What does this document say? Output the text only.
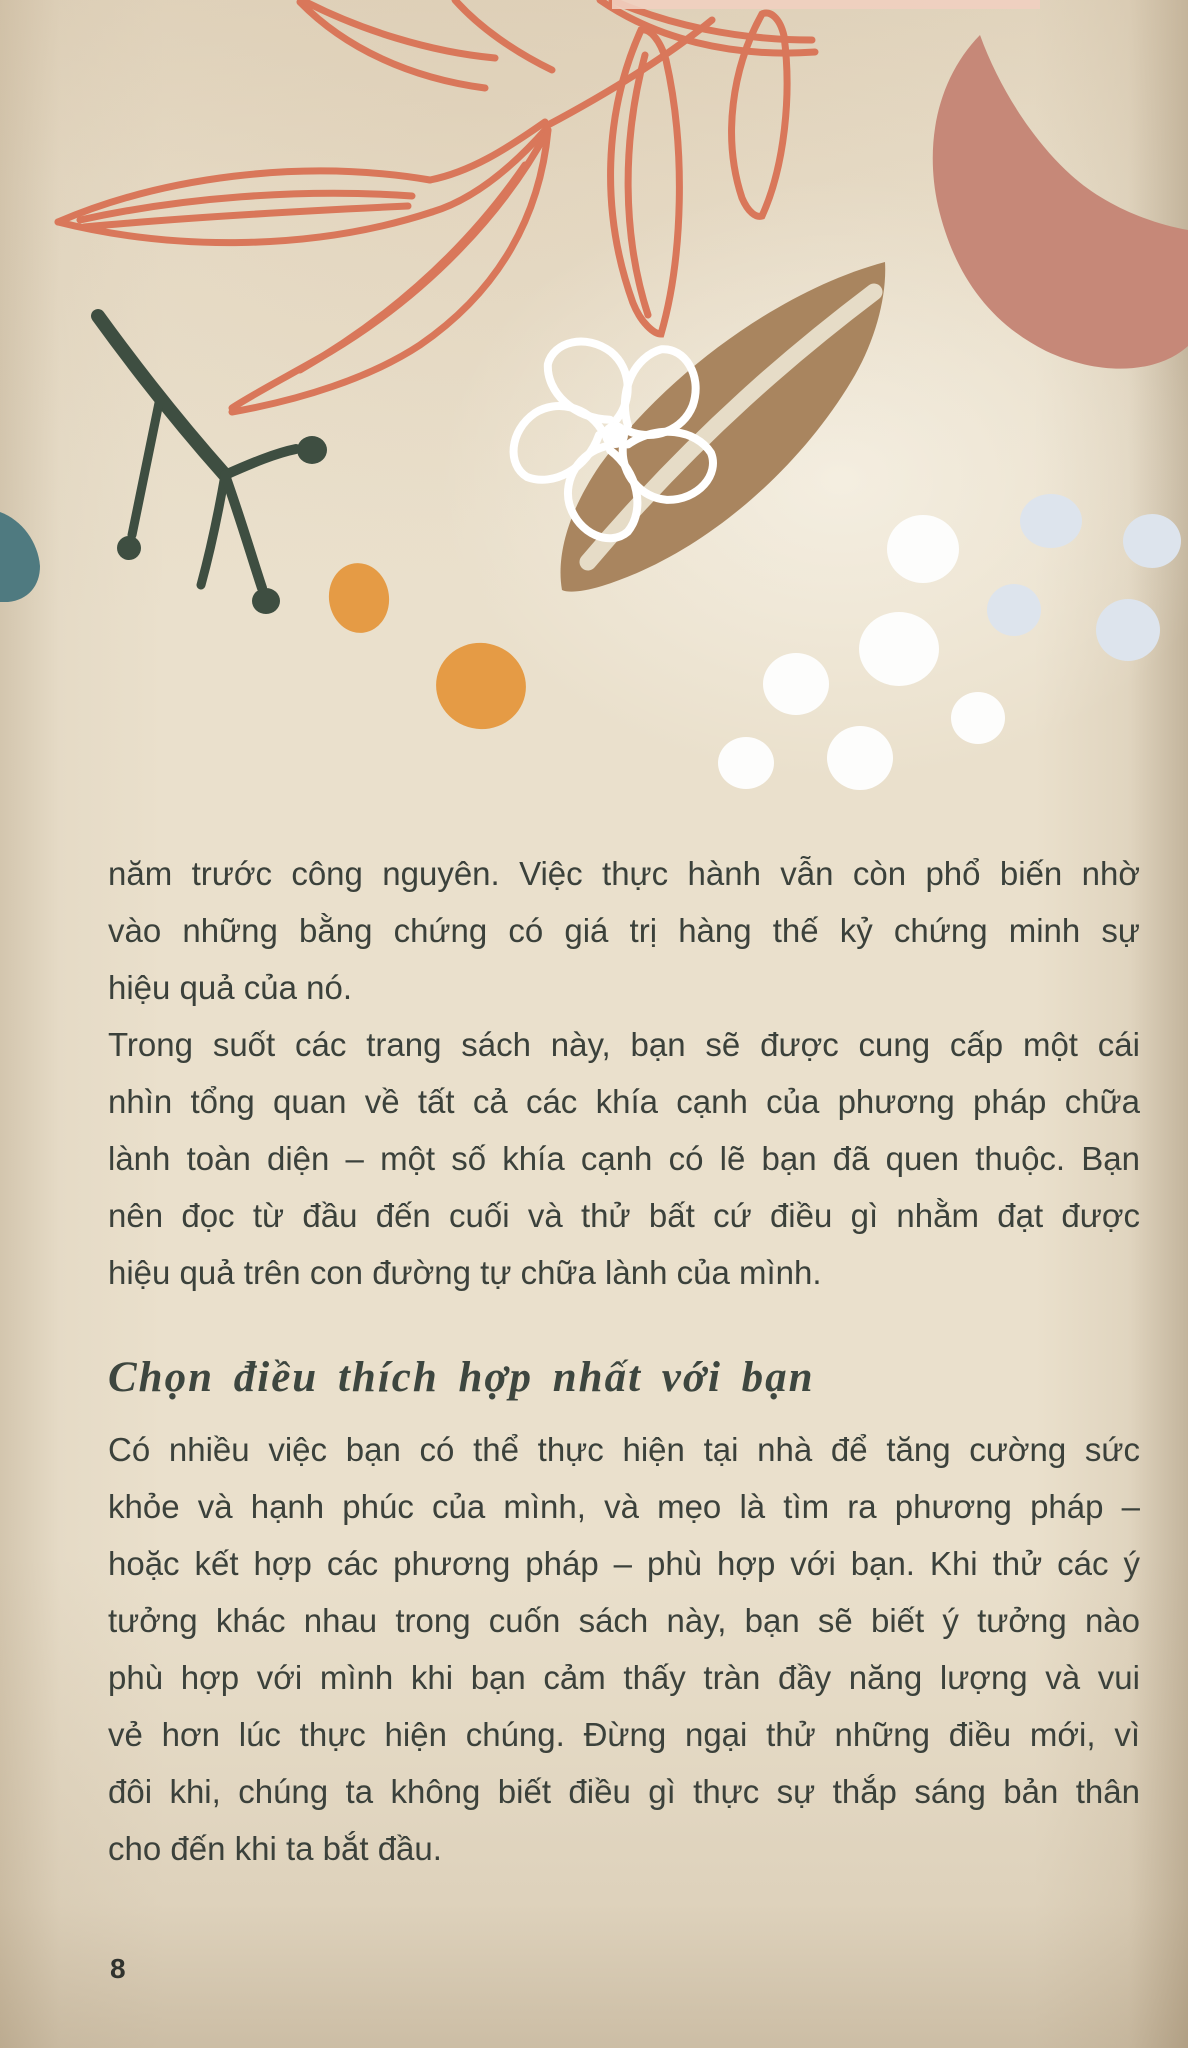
năm trước công nguyên. Việc thực hành vẫn còn phổ biến nhờ
vào những bằng chứng có giá trị hàng thế kỷ chứng minh sự
hiệu quả của nó.
Trong suốt các trang sách này, bạn sẽ được cung cấp một cái
nhìn tổng quan về tất cả các khía cạnh của phương pháp chữa
lành toàn diện – một số khía cạnh có lẽ bạn đã quen thuộc. Bạn
nên đọc từ đầu đến cuối và thử bất cứ điều gì nhằm đạt được
hiệu quả trên con đường tự chữa lành của mình.
Chọn điều thích hợp nhất với bạn
Có nhiều việc bạn có thể thực hiện tại nhà để tăng cường sức
khỏe và hạnh phúc của mình, và mẹo là tìm ra phương pháp –
hoặc kết hợp các phương pháp – phù hợp với bạn. Khi thử các ý
tưởng khác nhau trong cuốn sách này, bạn sẽ biết ý tưởng nào
phù hợp với mình khi bạn cảm thấy tràn đầy năng lượng và vui
vẻ hơn lúc thực hiện chúng. Đừng ngại thử những điều mới, vì
đôi khi, chúng ta không biết điều gì thực sự thắp sáng bản thân
cho đến khi ta bắt đầu.
8
